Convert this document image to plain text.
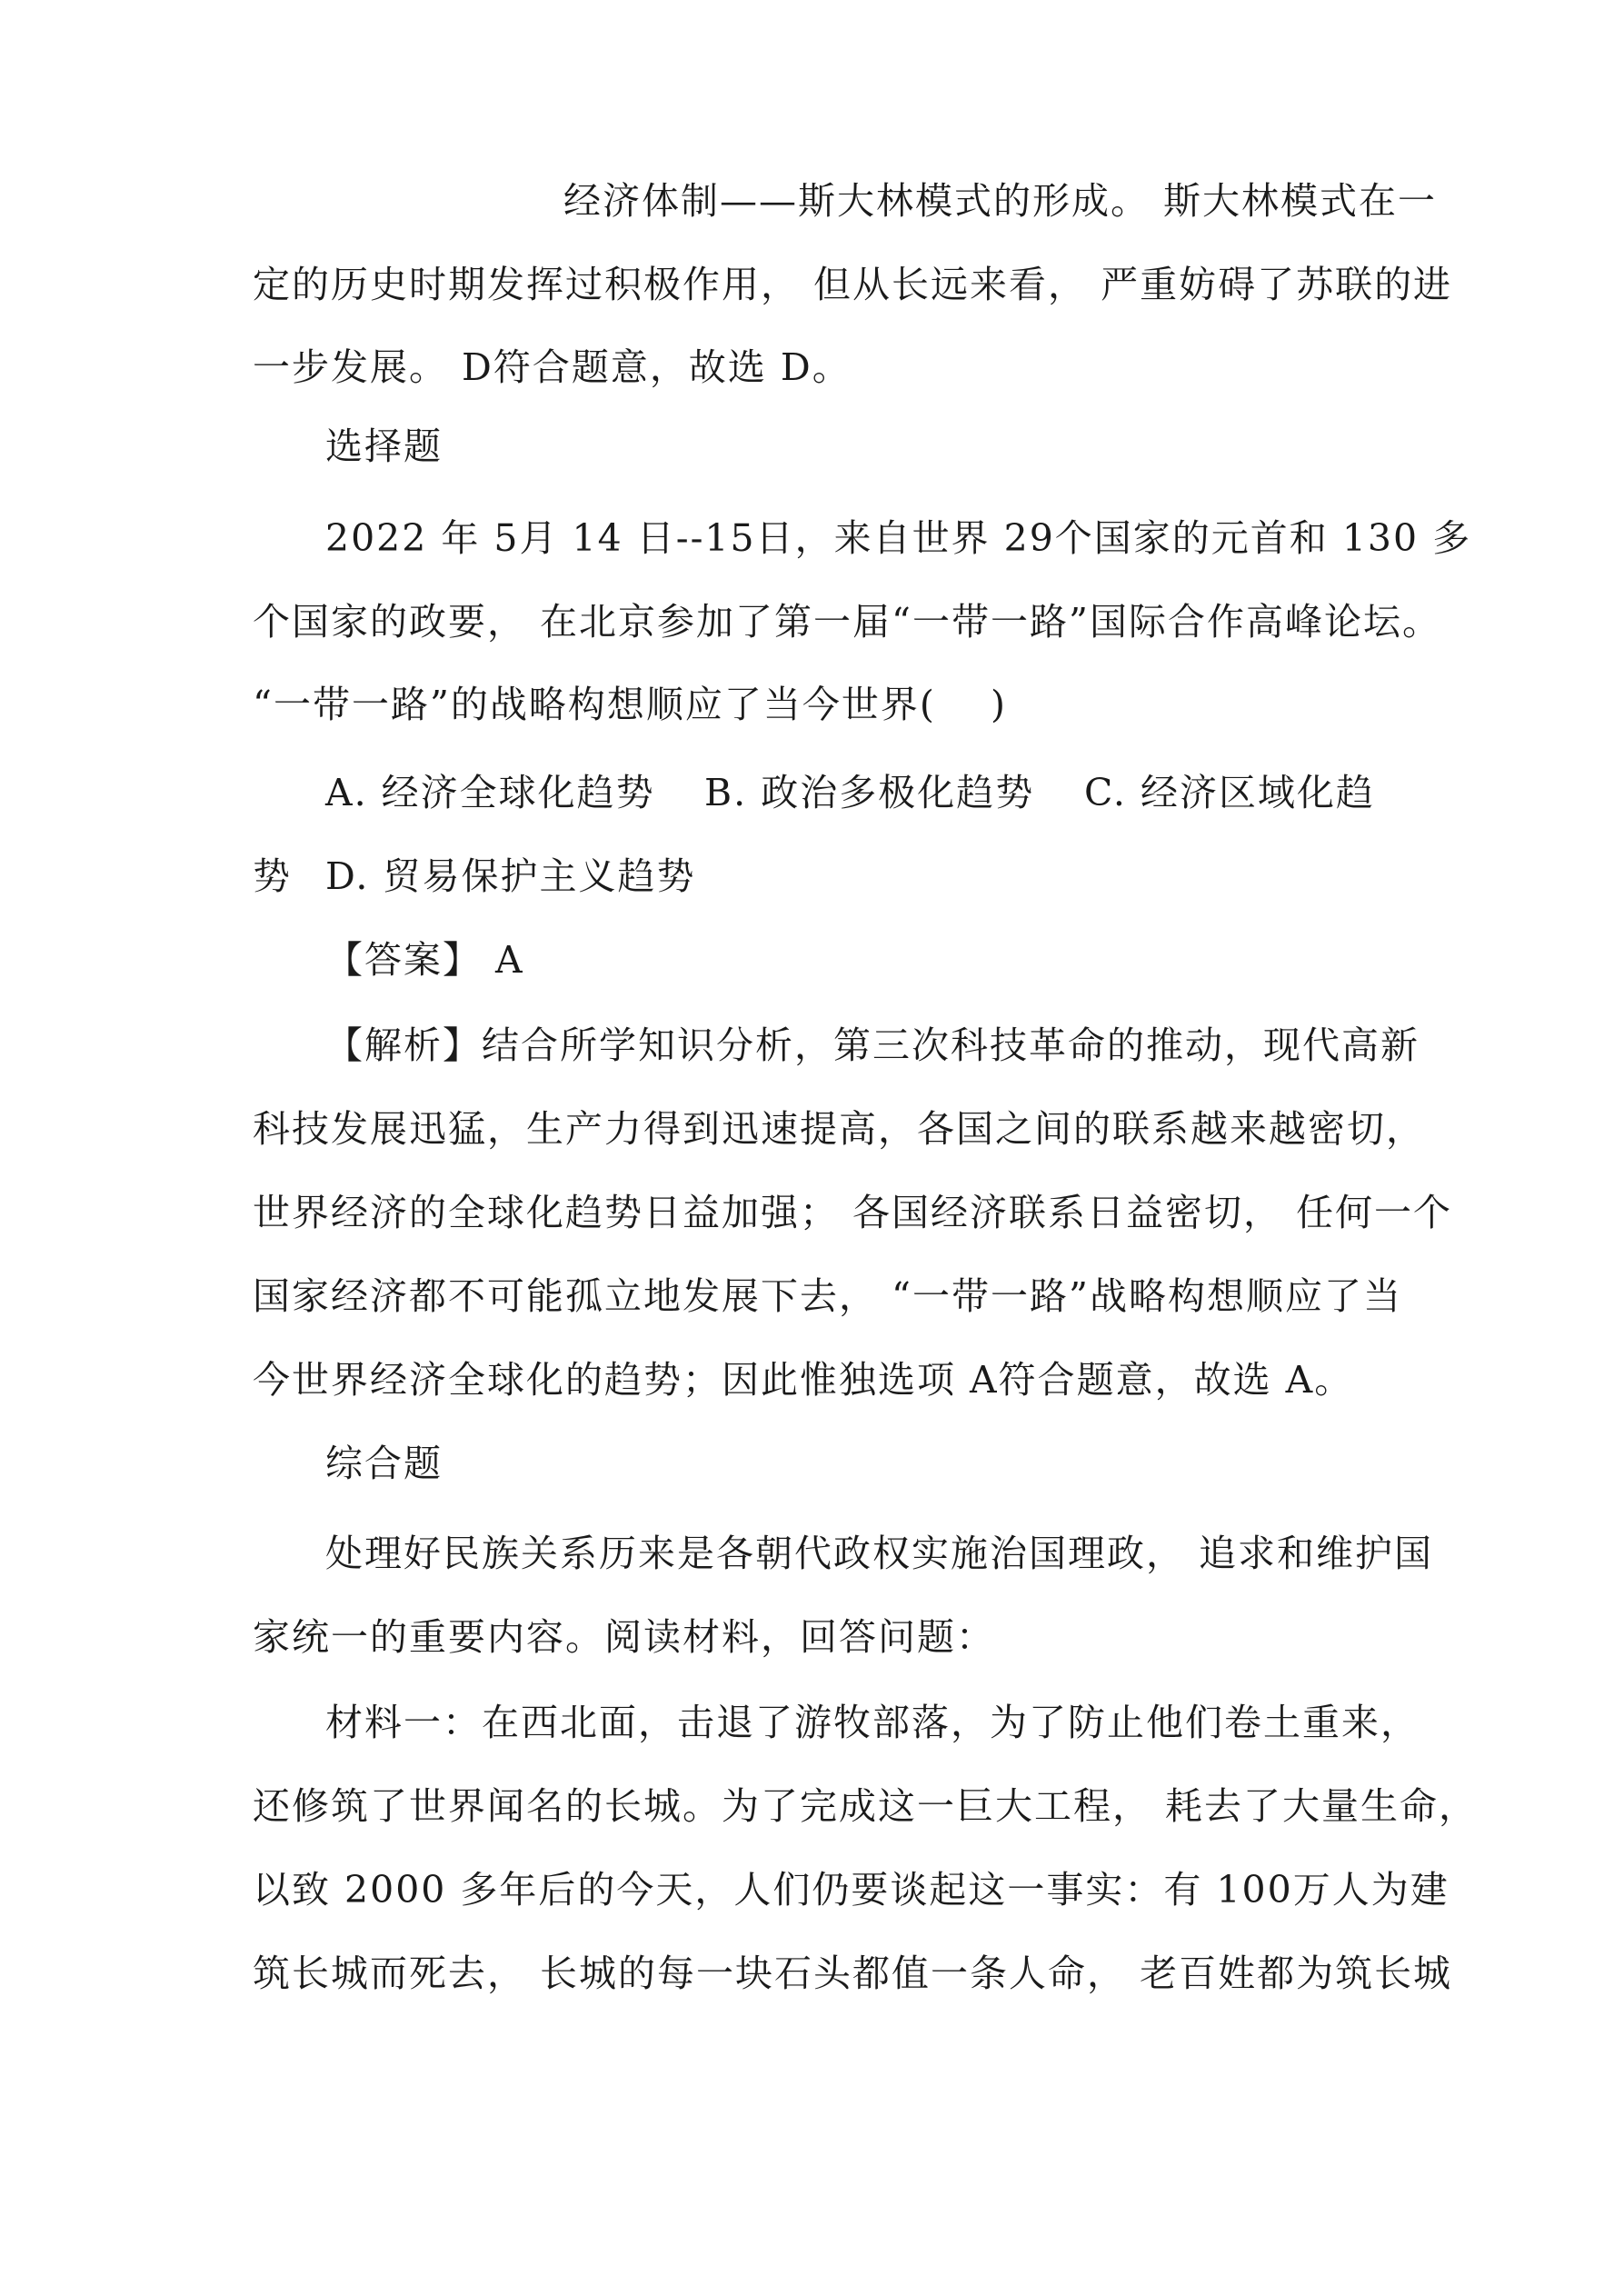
经济体制——斯大林模式的形成。 斯大林模式在一
定的历史时期发挥过积极作用， 但从长远来看， 严重妨碍了苏联的进
一步发展。 D符合题意，故选 D。
选择题
2022 年 5月 14 日--15日，来自世界 29个国家的元首和 130 多
个国家的政要， 在北京参加了第一届“一带一路”国际合作高峰论坛。
“一带一路”的战略构想顺应了当今世界(    )
A. 经济全球化趋势 B. 政治多极化趋势 C. 经济区域化趋
势 D. 贸易保护主义趋势
【答案】 A
【解析】结合所学知识分析，第三次科技革命的推动，现代高新
科技发展迅猛，生产力得到迅速提高，各国之间的联系越来越密切，
世界经济的全球化趋势日益加强； 各国经济联系日益密切， 任何一个
国家经济都不可能孤立地发展下去， “一带一路”战略构想顺应了当
今世界经济全球化的趋势；因此惟独选项 A符合题意，故选 A。
综合题
处理好民族关系历来是各朝代政权实施治国理政， 追求和维护国
家统一的重要内容。阅读材料，回答问题：
材料一：在西北面，击退了游牧部落，为了防止他们卷土重来，
还修筑了世界闻名的长城。为了完成这一巨大工程， 耗去了大量生命，
以致 2000 多年后的今天，人们仍要谈起这一事实：有 100万人为建
筑长城而死去， 长城的每一块石头都值一条人命， 老百姓都为筑长城
